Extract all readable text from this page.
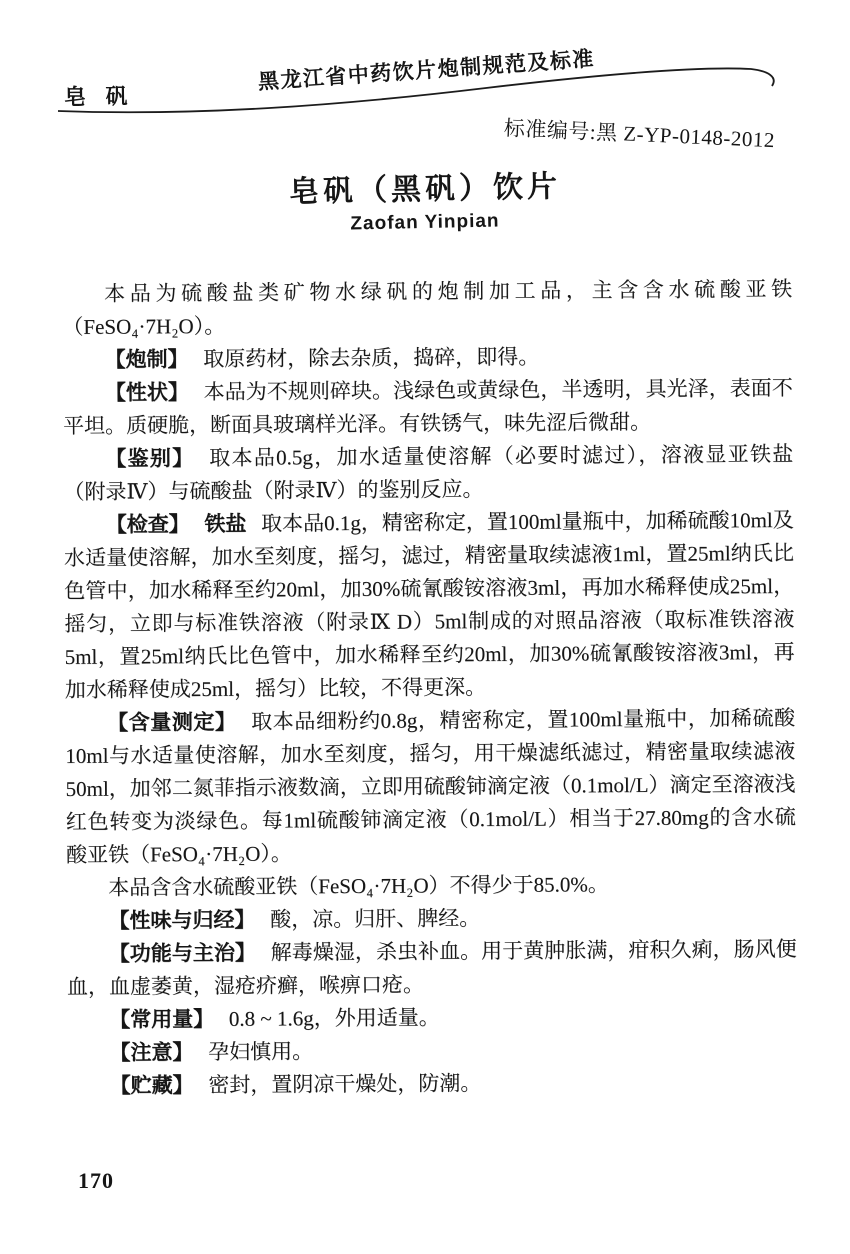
皂 矾
黑龙江省中药饮片炮制规范及标准
标准编号:黑 Z-YP-0148-2012
皂矾（黑矾）饮片
Zaofan Yinpian

本品为硫酸盐类矿物水绿矾的炮制加工品，主含含水硫酸亚铁（FeSO₄·7H₂O）。

【炮制】 取原药材，除去杂质，捣碎，即得。

【性状】 本品为不规则碎块。浅绿色或黄绿色，半透明，具光泽，表面不平坦。质硬脆，断面具玻璃样光泽。有铁锈气，味先涩后微甜。

【鉴别】 取本品0.5g，加水适量使溶解（必要时滤过），溶液显亚铁盐（附录Ⅳ）与硫酸盐（附录Ⅳ）的鉴别反应。

【检查】 铁盐 取本品0.1g，精密称定，置100ml量瓶中，加稀硫酸10ml及水适量使溶解，加水至刻度，摇匀，滤过，精密量取续滤液1ml，置25ml纳氏比色管中，加水稀释至约20ml，加30%硫氰酸铵溶液3ml，再加水稀释使成25ml，摇匀，立即与标准铁溶液（附录Ⅸ D）5ml制成的对照品溶液（取标准铁溶液5ml，置25ml纳氏比色管中，加水稀释至约20ml，加30%硫氰酸铵溶液3ml，再加水稀释使成25ml，摇匀）比较，不得更深。

【含量测定】 取本品细粉约0.8g，精密称定，置100ml量瓶中，加稀硫酸10ml与水适量使溶解，加水至刻度，摇匀，用干燥滤纸滤过，精密量取续滤液50ml，加邻二氮菲指示液数滴，立即用硫酸铈滴定液（0.1mol/L）滴定至溶液浅红色转变为淡绿色。每1ml硫酸铈滴定液（0.1mol/L）相当于27.80mg的含水硫酸亚铁（FeSO₄·7H₂O）。

本品含含水硫酸亚铁（FeSO₄·7H₂O）不得少于85.0%。

【性味与归经】 酸，凉。归肝、脾经。

【功能与主治】 解毒燥湿，杀虫补血。用于黄肿胀满，疳积久痢，肠风便血，血虚萎黄，湿疮疥癣，喉痹口疮。

【常用量】 0.8 ~ 1.6g，外用适量。

【注意】 孕妇慎用。

【贮藏】 密封，置阴凉干燥处，防潮。

170
